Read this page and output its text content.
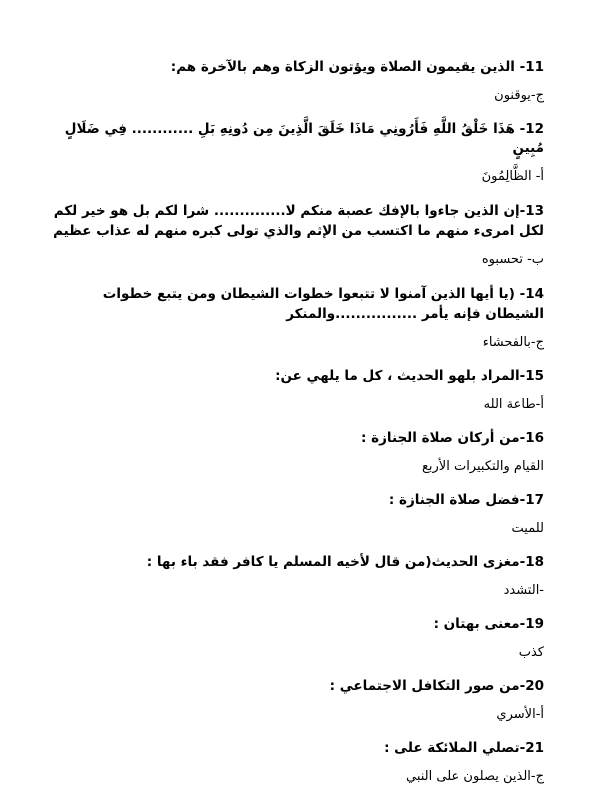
11- الذين يقيمون الصلاة ويؤتون الزكاة وهم بالآخرة هم:

ج-يوقنون

12- هَذَا خَلْقُ اللَّهِ فَأَرُونِي مَاذَا خَلَقَ الَّذِينَ مِن دُونِهِ بَلِ ............ فِي ضَلَالٍ مُبِينٍ

أ- الظَّالِمُونَ

13-إن الذين جاءوا بالإفك عصبة منكم لا.............. شرا لكم بل هو خير لكم لكل امرىء منهم ما اكتسب من الإثم والذي تولى كبره منهم له عذاب عظيم

ب- تحسبوه

14- (يا أيها الذين آمنوا لا تتبعوا خطوات الشيطان ومن يتبع خطوات الشيطان فإنه يأمر ................والمنكر

ج-بالفحشاء

15-المراد بلهو الحديث ، كل ما يلهي عن:

أ-طاعة الله

16-من أركان صلاة الجنازة :

القيام والتكبيرات الأربع

17-فضل صلاة الجنازة :

للميت

18-مغزى الحديث(من قال لأخيه المسلم يا كافر فقد باء بها :

-التشدد

19-معنى بهتان :

كذب

20-من صور التكافل الاجتماعي :

أ-الأسري

21-تصلي الملائكة على :

ج-الذين يصلون على النبي
